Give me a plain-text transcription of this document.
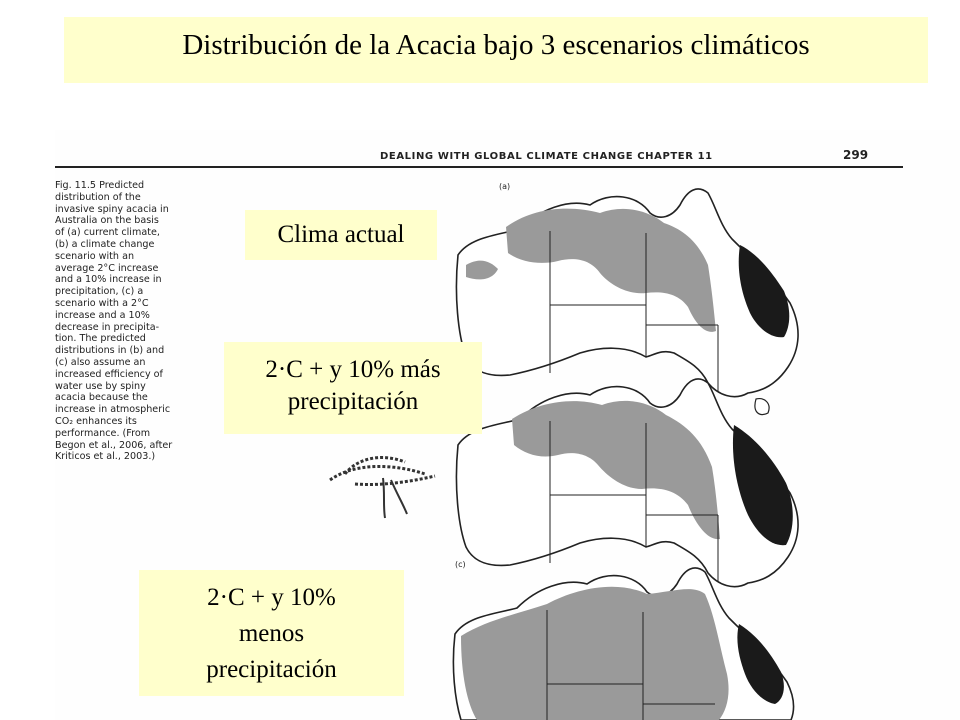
Distribución de la Acacia bajo 3 escenarios climáticos
DEALING WITH GLOBAL CLIMATE CHANGE CHAPTER 11	299
Fig. 11.5 Predicted
distribution of the
invasive spiny acacia in
Australia on the basis
of (a) current climate,
(b) a climate change
scenario with an
average 2°C increase
and a 10% increase in
precipitation, (c) a
scenario with a 2°C
increase and a 10%
decrease in precipita-
tion. The predicted
distributions in (b) and
(c) also assume an
increased efficiency of
water use by spiny
acacia because the
increase in atmospheric
CO₂ enhances its
performance. (From
Begon et al., 2006, after
Kriticos et al., 2003.)
(a)
(c)
Clima actual
2·C + y 10% más
precipitación
2·C + y 10%
menos
precipitación
